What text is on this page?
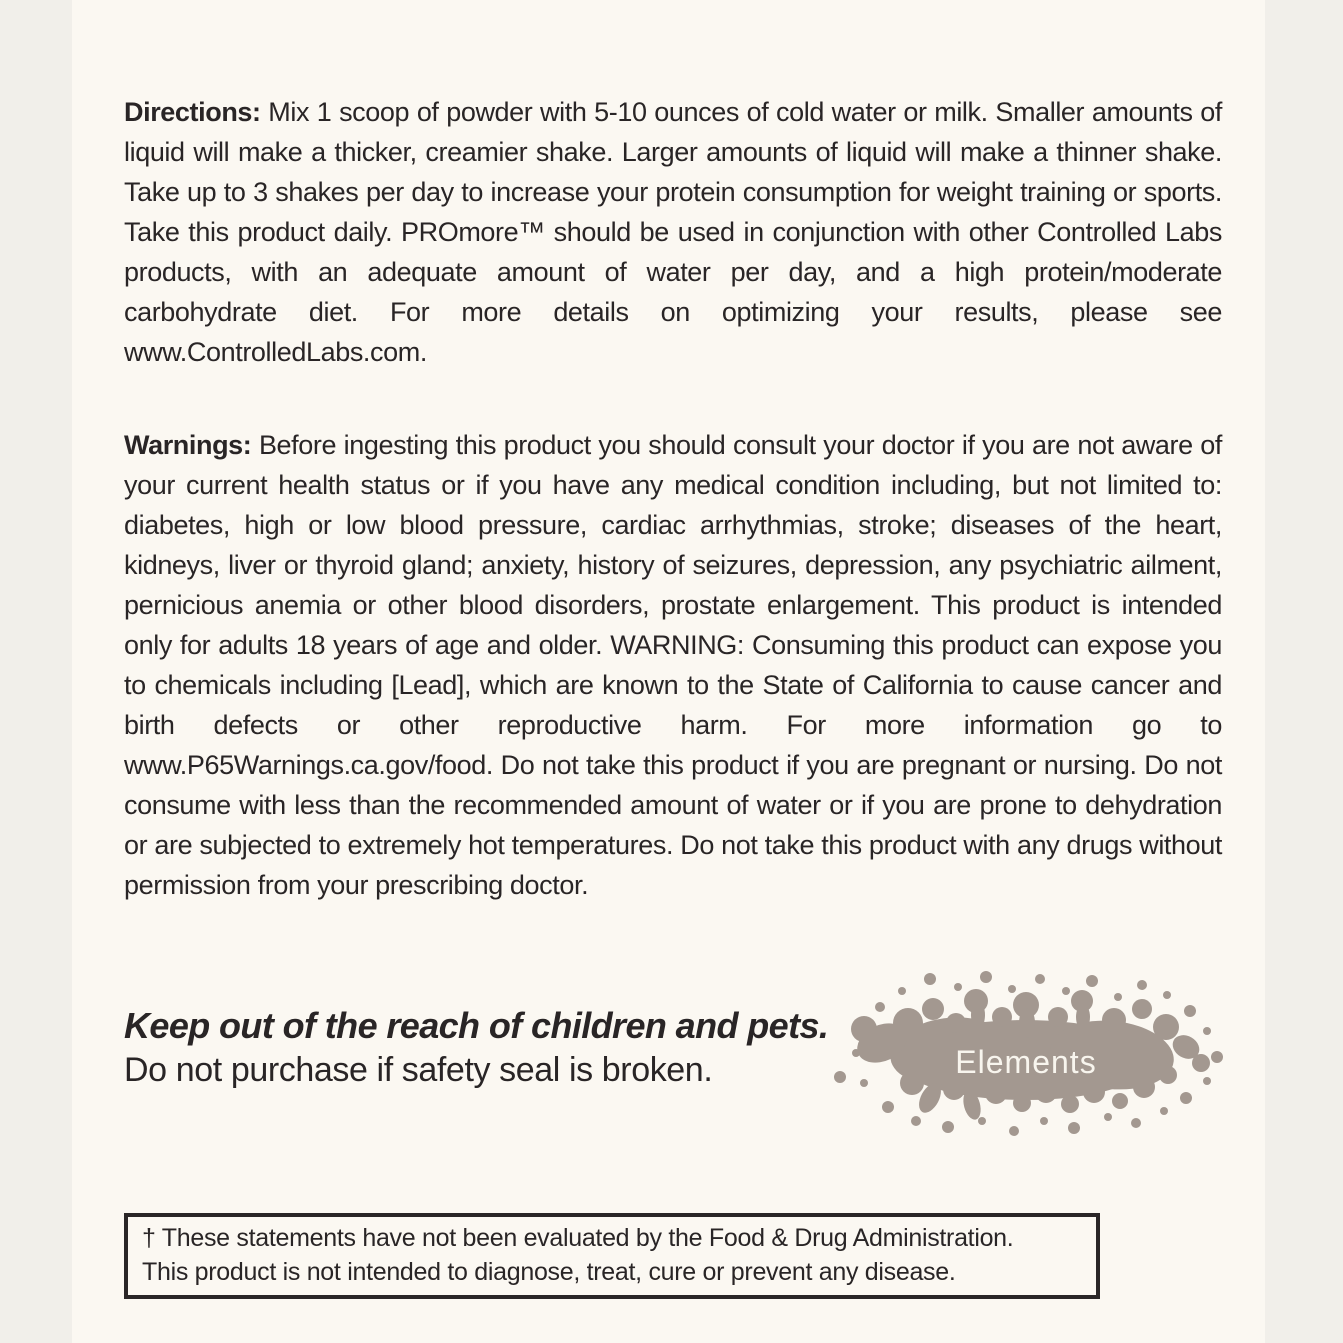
Directions: Mix 1 scoop of powder with 5-10 ounces of cold water or milk. Smaller amounts of liquid will make a thicker, creamier shake. Larger amounts of liquid will make a thinner shake. Take up to 3 shakes per day to increase your protein consumption for weight training or sports. Take this product daily. PROmore™ should be used in conjunction with other Controlled Labs products, with an adequate amount of water per day, and a high protein/moderate carbohydrate diet. For more details on optimizing your results, please see www.ControlledLabs.com.

Warnings: Before ingesting this product you should consult your doctor if you are not aware of your current health status or if you have any medical condition including, but not limited to: diabetes, high or low blood pressure, cardiac arrhythmias, stroke; diseases of the heart, kidneys, liver or thyroid gland; anxiety, history of seizures, depression, any psychiatric ailment, pernicious anemia or other blood disorders, prostate enlargement. This product is intended only for adults 18 years of age and older. WARNING: Consuming this product can expose you to chemicals including [Lead], which are known to the State of California to cause cancer and birth defects or other reproductive harm. For more information go to www.P65Warnings.ca.gov/food. Do not take this product if you are pregnant or nursing. Do not consume with less than the recommended amount of water or if you are prone to dehydration or are subjected to extremely hot temperatures. Do not take this product with any drugs without permission from your prescribing doctor.

Keep out of the reach of children and pets.
Do not purchase if safety seal is broken.	Elements
† These statements have not been evaluated by the Food & Drug Administration.
This product is not intended to diagnose, treat, cure or prevent any disease.
